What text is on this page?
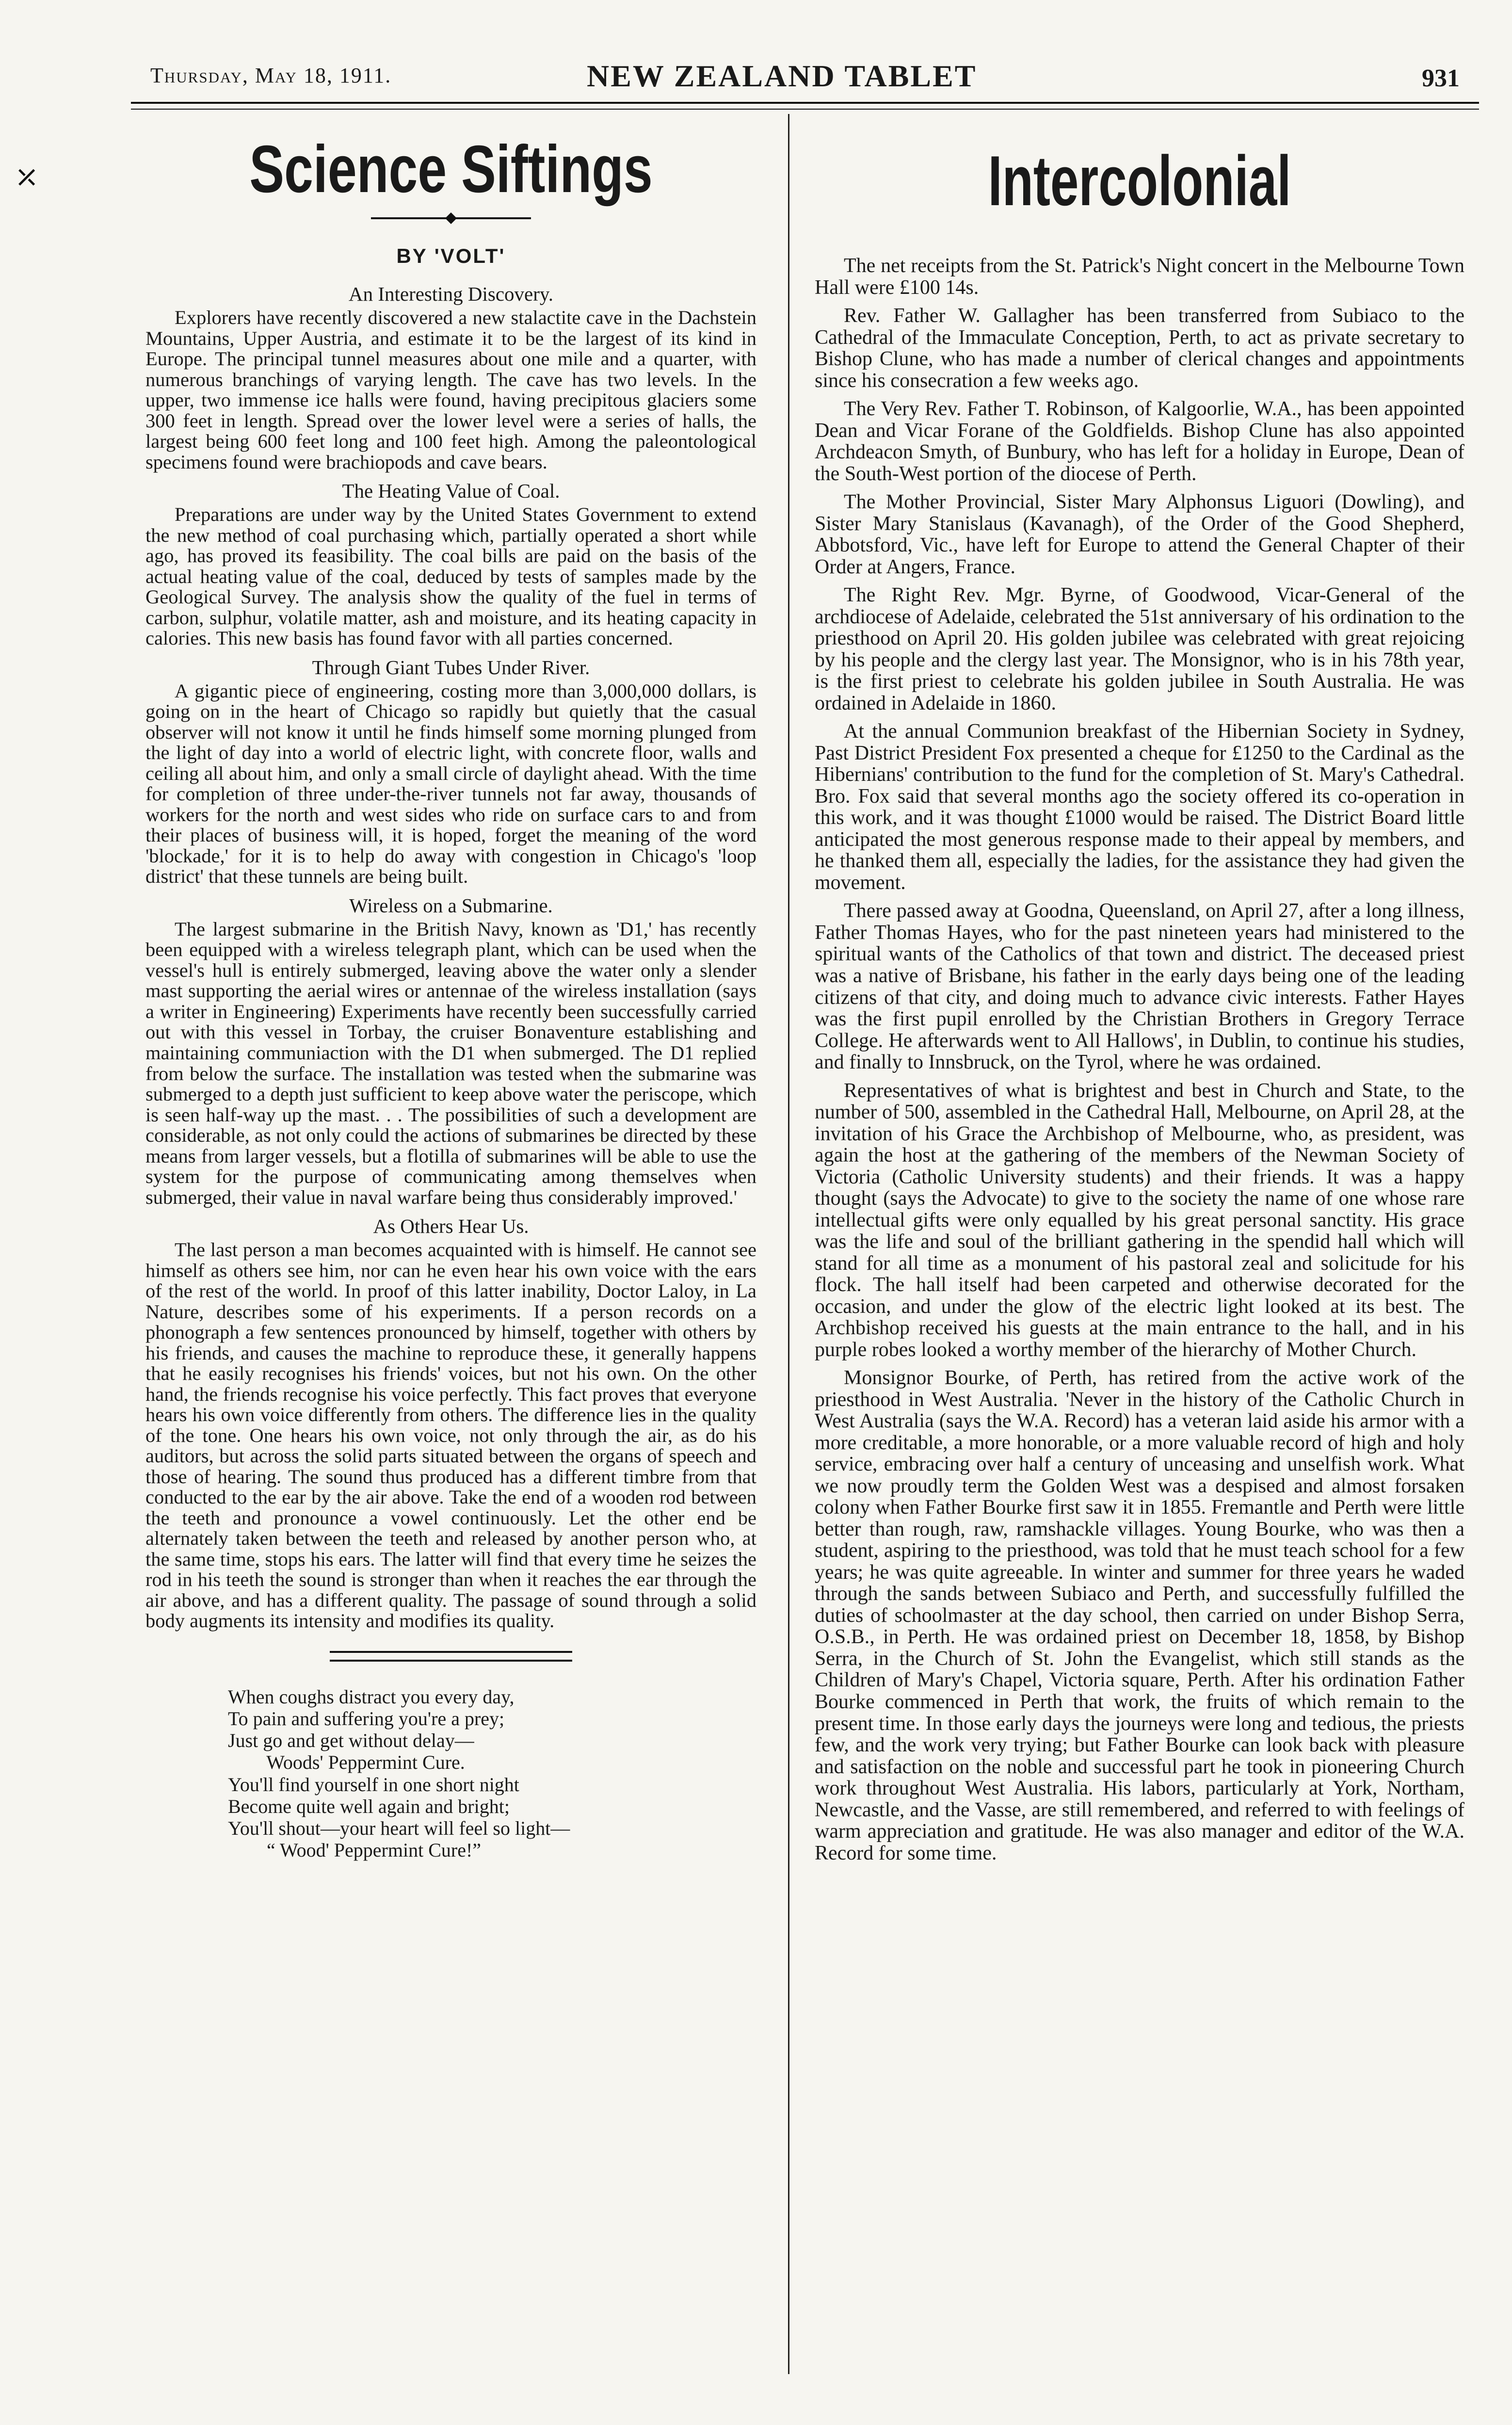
Thursday, May 18, 1911.	NEW ZEALAND TABLET	931
⤫	Science Siftings
BY 'VOLT'
An Interesting Discovery.

Explorers have recently discovered a new stalactite cave in the Dachstein Mountains, Upper Austria, and estimate it to be the largest of its kind in Europe. The principal tunnel measures about one mile and a quarter, with numerous branchings of varying length. The cave has two levels. In the upper, two immense ice halls were found, having precipitous glaciers some 300 feet in length. Spread over the lower level were a series of halls, the largest being 600 feet long and 100 feet high. Among the paleontological specimens found were brachiopods and cave bears.

The Heating Value of Coal.

Preparations are under way by the United States Government to extend the new method of coal purchasing which, partially operated a short while ago, has proved its feasibility. The coal bills are paid on the basis of the actual heating value of the coal, deduced by tests of samples made by the Geological Survey. The analysis show the quality of the fuel in terms of carbon, sulphur, volatile matter, ash and moisture, and its heating capacity in calories. This new basis has found favor with all parties concerned.

Through Giant Tubes Under River.

A gigantic piece of engineering, costing more than 3,000,000 dollars, is going on in the heart of Chicago so rapidly but quietly that the casual observer will not know it until he finds himself some morning plunged from the light of day into a world of electric light, with concrete floor, walls and ceiling all about him, and only a small circle of daylight ahead. With the time for completion of three under-the-river tunnels not far away, thousands of workers for the north and west sides who ride on surface cars to and from their places of business will, it is hoped, forget the meaning of the word 'blockade,' for it is to help do away with congestion in Chicago's 'loop district' that these tunnels are being built.

Wireless on a Submarine.

The largest submarine in the British Navy, known as 'D1,' has recently been equipped with a wireless telegraph plant, which can be used when the vessel's hull is entirely submerged, leaving above the water only a slender mast supporting the aerial wires or antennae of the wireless installation (says a writer in Engineering) Experiments have recently been successfully carried out with this vessel in Torbay, the cruiser Bonaventure establishing and maintaining communiaction with the D1 when submerged. The D1 replied from below the surface. The installation was tested when the submarine was submerged to a depth just sufficient to keep above water the periscope, which is seen half-way up the mast. . . The possibilities of such a development are considerable, as not only could the actions of submarines be directed by these means from larger vessels, but a flotilla of submarines will be able to use the system for the purpose of communicating among themselves when submerged, their value in naval warfare being thus considerably improved.'

As Others Hear Us.

The last person a man becomes acquainted with is himself. He cannot see himself as others see him, nor can he even hear his own voice with the ears of the rest of the world. In proof of this latter inability, Doctor Laloy, in La Nature, describes some of his experiments. If a person records on a phonograph a few sentences pronounced by himself, together with others by his friends, and causes the machine to reproduce these, it generally happens that he easily recognises his friends' voices, but not his own. On the other hand, the friends recognise his voice perfectly. This fact proves that everyone hears his own voice differently from others. The difference lies in the quality of the tone. One hears his own voice, not only through the air, as do his auditors, but across the solid parts situated between the organs of speech and those of hearing. The sound thus produced has a different timbre from that conducted to the ear by the air above. Take the end of a wooden rod between the teeth and pronounce a vowel continuously. Let the other end be alternately taken between the teeth and released by another person who, at the same time, stops his ears. The latter will find that every time he seizes the rod in his teeth the sound is stronger than when it reaches the ear through the air above, and has a different quality. The passage of sound through a solid body augments its intensity and modifies its quality.

When coughs distract you every day,
To pain and suffering you're a prey;
Just go and get without delay—
Woods' Peppermint Cure.
You'll find yourself in one short night
Become quite well again and bright;
You'll shout—your heart will feel so light—
“ Wood' Peppermint Cure!”
Intercolonial

The net receipts from the St. Patrick's Night concert in the Melbourne Town Hall were £100 14s.

Rev. Father W. Gallagher has been transferred from Subiaco to the Cathedral of the Immaculate Conception, Perth, to act as private secretary to Bishop Clune, who has made a number of clerical changes and appointments since his consecration a few weeks ago.

The Very Rev. Father T. Robinson, of Kalgoorlie, W.A., has been appointed Dean and Vicar Forane of the Goldfields. Bishop Clune has also appointed Archdeacon Smyth, of Bunbury, who has left for a holiday in Europe, Dean of the South-West portion of the diocese of Perth.

The Mother Provincial, Sister Mary Alphonsus Liguori (Dowling), and Sister Mary Stanislaus (Kavanagh), of the Order of the Good Shepherd, Abbotsford, Vic., have left for Europe to attend the General Chapter of their Order at Angers, France.

The Right Rev. Mgr. Byrne, of Goodwood, Vicar-General of the archdiocese of Adelaide, celebrated the 51st anniversary of his ordination to the priesthood on April 20. His golden jubilee was celebrated with great rejoicing by his people and the clergy last year. The Monsignor, who is in his 78th year, is the first priest to celebrate his golden jubilee in South Australia. He was ordained in Adelaide in 1860.

At the annual Communion breakfast of the Hibernian Society in Sydney, Past District President Fox presented a cheque for £1250 to the Cardinal as the Hibernians' contribution to the fund for the completion of St. Mary's Cathedral. Bro. Fox said that several months ago the society offered its co-operation in this work, and it was thought £1000 would be raised. The District Board little anticipated the most generous response made to their appeal by members, and he thanked them all, especially the ladies, for the assistance they had given the movement.

There passed away at Goodna, Queensland, on April 27, after a long illness, Father Thomas Hayes, who for the past nineteen years had ministered to the spiritual wants of the Catholics of that town and district. The deceased priest was a native of Brisbane, his father in the early days being one of the leading citizens of that city, and doing much to advance civic interests. Father Hayes was the first pupil enrolled by the Christian Brothers in Gregory Terrace College. He afterwards went to All Hallows', in Dublin, to continue his studies, and finally to Innsbruck, on the Tyrol, where he was ordained.

Representatives of what is brightest and best in Church and State, to the number of 500, assembled in the Cathedral Hall, Melbourne, on April 28, at the invitation of his Grace the Archbishop of Melbourne, who, as president, was again the host at the gathering of the members of the Newman Society of Victoria (Catholic University students) and their friends. It was a happy thought (says the Advocate) to give to the society the name of one whose rare intellectual gifts were only equalled by his great personal sanctity. His grace was the life and soul of the brilliant gathering in the spendid hall which will stand for all time as a monument of his pastoral zeal and solicitude for his flock. The hall itself had been carpeted and otherwise decorated for the occasion, and under the glow of the electric light looked at its best. The Archbishop received his guests at the main entrance to the hall, and in his purple robes looked a worthy member of the hierarchy of Mother Church.

Monsignor Bourke, of Perth, has retired from the active work of the priesthood in West Australia. 'Never in the history of the Catholic Church in West Australia (says the W.A. Record) has a veteran laid aside his armor with a more creditable, a more honorable, or a more valuable record of high and holy service, embracing over half a century of unceasing and unselfish work. What we now proudly term the Golden West was a despised and almost forsaken colony when Father Bourke first saw it in 1855. Fremantle and Perth were little better than rough, raw, ramshackle villages. Young Bourke, who was then a student, aspiring to the priesthood, was told that he must teach school for a few years; he was quite agreeable. In winter and summer for three years he waded through the sands between Subiaco and Perth, and successfully fulfilled the duties of schoolmaster at the day school, then carried on under Bishop Serra, O.S.B., in Perth. He was ordained priest on December 18, 1858, by Bishop Serra, in the Church of St. John the Evangelist, which still stands as the Children of Mary's Chapel, Victoria square, Perth. After his ordination Father Bourke commenced in Perth that work, the fruits of which remain to the present time. In those early days the journeys were long and tedious, the priests few, and the work very trying; but Father Bourke can look back with pleasure and satisfaction on the noble and successful part he took in pioneering Church work throughout West Australia. His labors, particularly at York, Northam, Newcastle, and the Vasse, are still remembered, and referred to with feelings of warm appreciation and gratitude. He was also manager and editor of the W.A. Record for some time.
